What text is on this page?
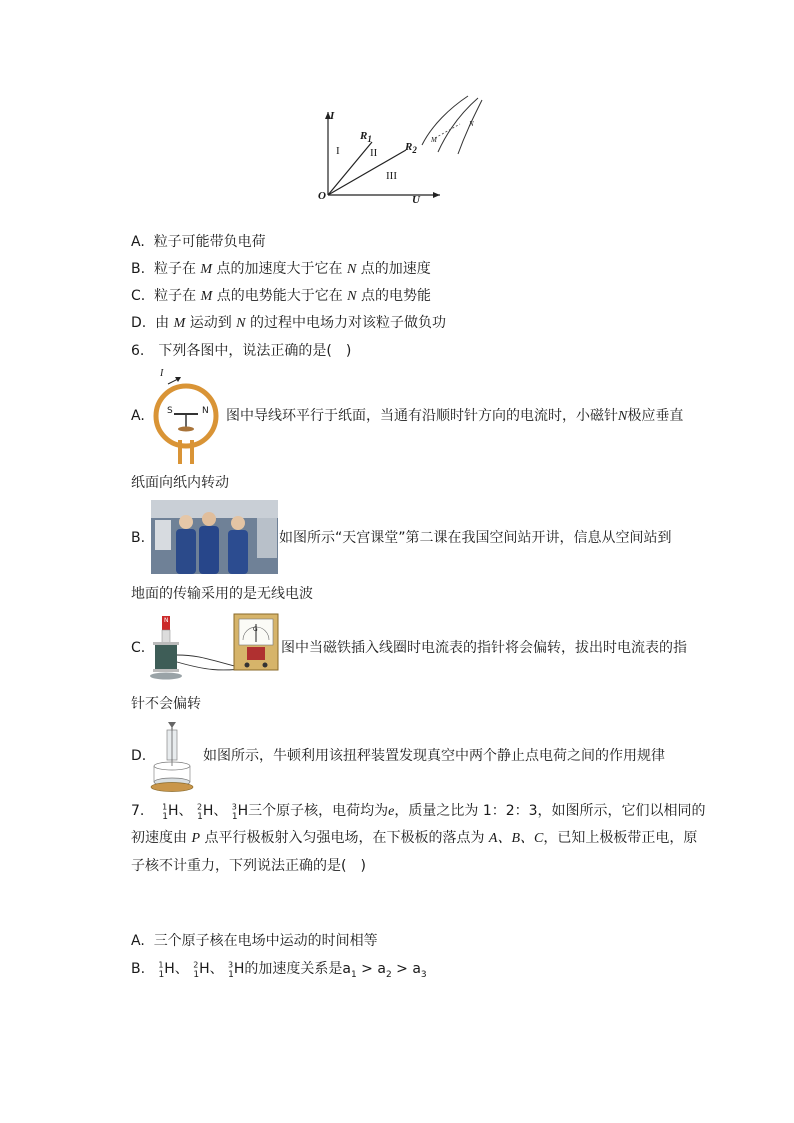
I
U
O
$R_1$
$R_2$
I	II
III
M
N
A. 粒子可能带负电荷
B. 粒子在 M 点的加速度大于它在 N 点的加速度
C. 粒子在 M 点的电势能大于它在 N 点的电势能
D. 由 M 运动到 N 的过程中电场力对该粒子做负功
6.　下列各图中，说法正确的是(　)
A.
I
S	N 图中导线环平行于纸面，当通有沿顺时针方向的电流时，小磁针N极应垂直
纸面向纸内转动
B.	如图所示“天宫课堂”第二课在我国空间站开讲，信息从空间站到
地面的传输采用的是无线电波
C.
N
G
图中当磁铁插入线圈时电流表的指针将会偏转，拔出时电流表的指
针不会偏转
D.	如图所示，牛顿利用该扭秤装置发现真空中两个静止点电荷之间的作用规律
7. $^1_1$H、 $^2_1$H、 $^3_1$H三个原子核，电荷均为e，质量之比为 1：2：3，如图所示，它们以相同的
初速度由 P 点平行极板射入匀强电场，在下极板的落点为 A、B、C，已知上极板带正电，原
子核不计重力，下列说法正确的是(　)
A. 三个原子核在电场中运动的时间相等
B. $^1_1$H、 $^2_1$H、 $^3_1$H的加速度关系是$a_1 > a_2 > a_3$
